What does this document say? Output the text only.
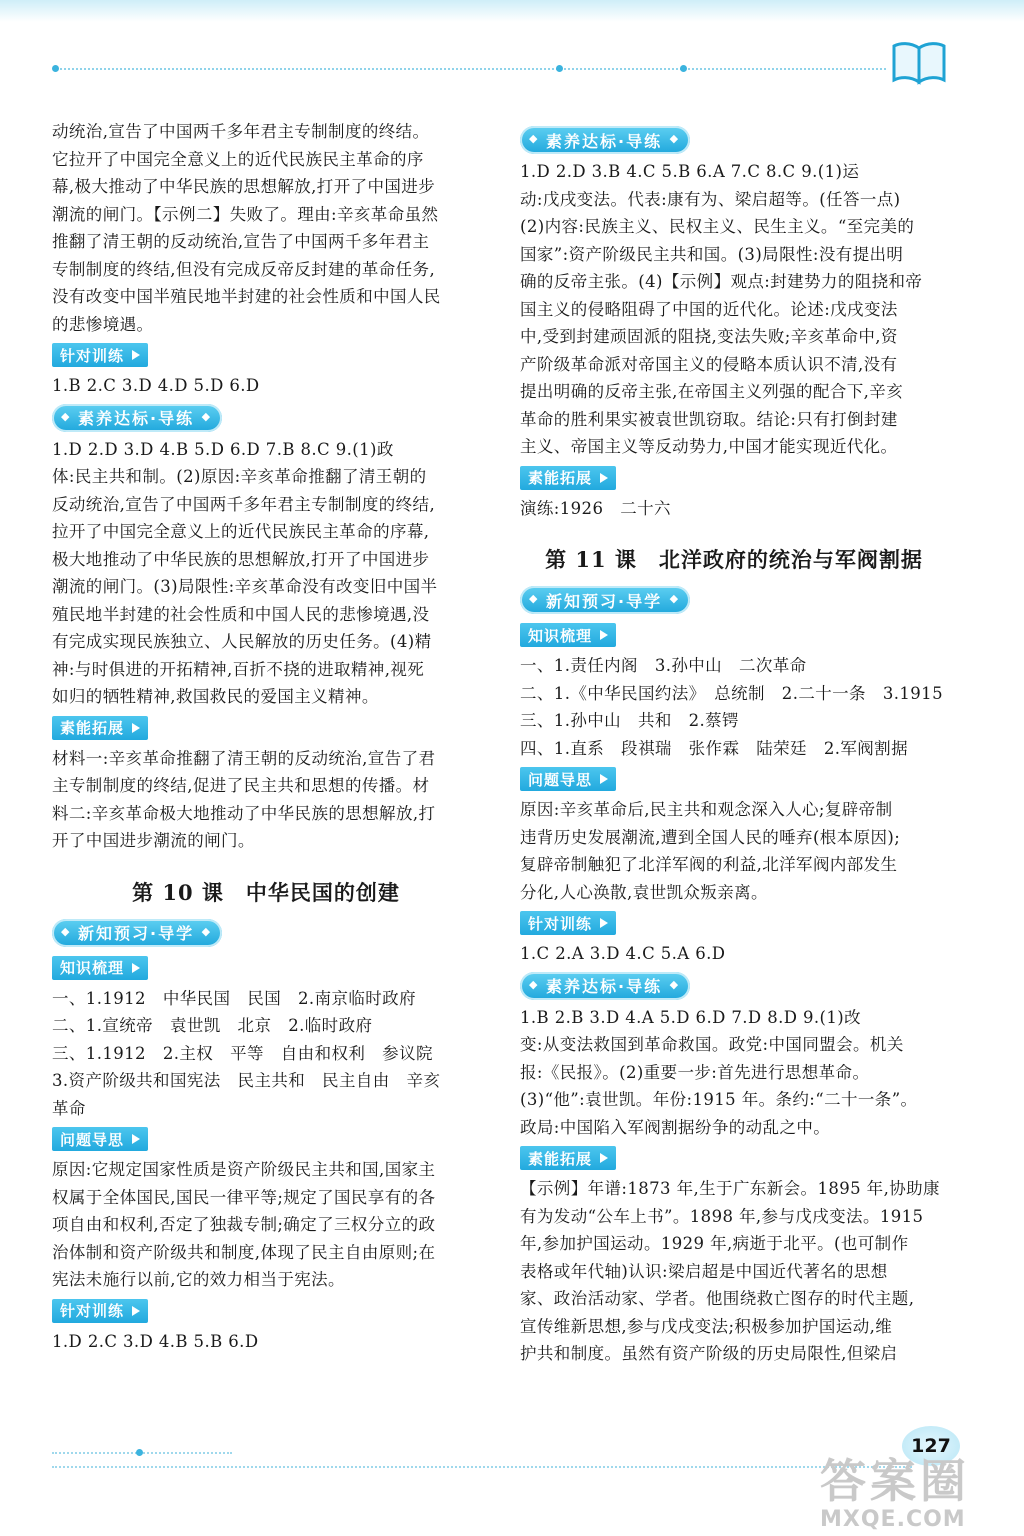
动统治,宣告了中国两千多年君主专制制度的终结。

它拉开了中国完全意义上的近代民族民主革命的序

幕,极大推动了中华民族的思想解放,打开了中国进步

潮流的闸门。【示例二】失败了。理由:辛亥革命虽然

推翻了清王朝的反动统治,宣告了中国两千多年君主

专制制度的终结,但没有完成反帝反封建的革命任务,

没有改变中国半殖民地半封建的社会性质和中国人民

的悲惨境遇。

针对训练

1.B 2.C 3.D 4.D 5.D 6.D

◆ 素养达标·导练 ◆

1.D 2.D 3.D 4.B 5.D 6.D 7.B 8.C 9.(1)政

体:民主共和制。(2)原因:辛亥革命推翻了清王朝的

反动统治,宣告了中国两千多年君主专制制度的终结,

拉开了中国完全意义上的近代民族民主革命的序幕,

极大地推动了中华民族的思想解放,打开了中国进步

潮流的闸门。(3)局限性:辛亥革命没有改变旧中国半

殖民地半封建的社会性质和中国人民的悲惨境遇,没

有完成实现民族独立、人民解放的历史任务。(4)精

神:与时俱进的开拓精神,百折不挠的进取精神,视死

如归的牺牲精神,救国救民的爱国主义精神。

素能拓展

材料一:辛亥革命推翻了清王朝的反动统治,宣告了君

主专制制度的终结,促进了民主共和思想的传播。材

料二:辛亥革命极大地推动了中华民族的思想解放,打

开了中国进步潮流的闸门。

第 10 课　中华民国的创建
◆ 新知预习·导学 ◆
知识梳理

一、1.1912　中华民国　民国　2.南京临时政府

二、1.宣统帝　袁世凯　北京　2.临时政府

三、1.1912　2.主权　平等　自由和权利　参议院

3.资产阶级共和国宪法　民主共和　民主自由　辛亥

革命

问题导思

原因:它规定国家性质是资产阶级民主共和国,国家主

权属于全体国民,国民一律平等;规定了国民享有的各

项自由和权利,否定了独裁专制;确定了三权分立的政

治体制和资产阶级共和制度,体现了民主自由原则;在

宪法未施行以前,它的效力相当于宪法。

针对训练

1.D 2.C 3.D 4.B 5.B 6.D

◆ 素养达标·导练 ◆

1.D 2.D 3.B 4.C 5.B 6.A 7.C 8.C 9.(1)运

动:戊戌变法。代表:康有为、梁启超等。(任答一点)

(2)内容:民族主义、民权主义、民生主义。“至完美的

国家”:资产阶级民主共和国。(3)局限性:没有提出明

确的反帝主张。(4)【示例】观点:封建势力的阻挠和帝

国主义的侵略阻碍了中国的近代化。论述:戊戌变法

中,受到封建顽固派的阻挠,变法失败;辛亥革命中,资

产阶级革命派对帝国主义的侵略本质认识不清,没有

提出明确的反帝主张,在帝国主义列强的配合下,辛亥

革命的胜利果实被袁世凯窃取。结论:只有打倒封建

主义、帝国主义等反动势力,中国才能实现近代化。

素能拓展

演练:1926　二十六

第 11 课　北洋政府的统治与军阀割据
◆ 新知预习·导学 ◆
知识梳理

一、1.责任内阁　3.孙中山　二次革命

二、1.《中华民国约法》　总统制　2.二十一条　3.1915

三、1.孙中山　共和　2.蔡锷

四、1.直系　段祺瑞　张作霖　陆荣廷　2.军阀割据

问题导思

原因:辛亥革命后,民主共和观念深入人心;复辟帝制

违背历史发展潮流,遭到全国人民的唾弃(根本原因);

复辟帝制触犯了北洋军阀的利益,北洋军阀内部发生

分化,人心涣散,袁世凯众叛亲离。

针对训练

1.C 2.A 3.D 4.C 5.A 6.D

◆ 素养达标·导练 ◆

1.B 2.B 3.D 4.A 5.D 6.D 7.D 8.D 9.(1)改

变:从变法救国到革命救国。政党:中国同盟会。机关

报:《民报》。(2)重要一步:首先进行思想革命。

(3)“他”:袁世凯。年份:1915 年。条约:“二十一条”。

政局:中国陷入军阀割据纷争的动乱之中。

素能拓展

【示例】年谱:1873 年,生于广东新会。1895 年,协助康

有为发动“公车上书”。1898 年,参与戊戌变法。1915

年,参加护国运动。1929 年,病逝于北平。(也可制作

表格或年代轴)认识:梁启超是中国近代著名的思想

家、政治活动家、学者。他围绕救亡图存的时代主题,

宣传维新思想,参与戊戌变法;积极参加护国运动,维

护共和制度。虽然有资产阶级的历史局限性,但梁启

127
答案圈
MXQE.COM
